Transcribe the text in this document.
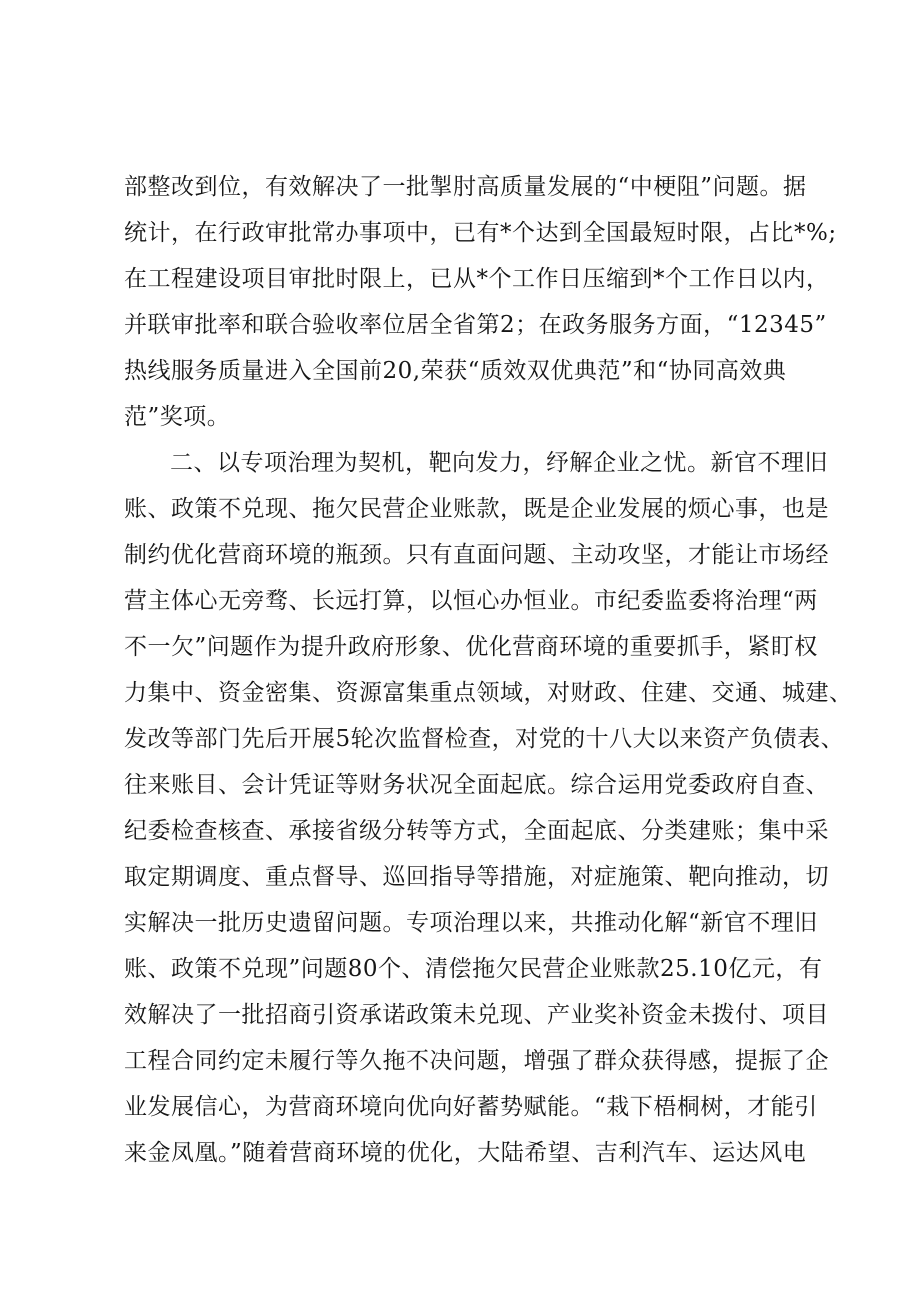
部整改到位，有效解决了一批掣肘高质量发展的“中梗阻”问题。据
统计，在行政审批常办事项中，已有*个达到全国最短时限，占比*%;
在工程建设项目审批时限上，已从*个工作日压缩到*个工作日以内，
并联审批率和联合验收率位居全省第2；在政务服务方面，“12345”
热线服务质量进入全国前20,荣获“质效双优典范”和“协同高效典
范”奖项。
二、以专项治理为契机，靶向发力，纾解企业之忧。新官不理旧
账、政策不兑现、拖欠民营企业账款，既是企业发展的烦心事，也是
制约优化营商环境的瓶颈。只有直面问题、主动攻坚，才能让市场经
营主体心无旁骛、长远打算，以恒心办恒业。市纪委监委将治理“两
不一欠”问题作为提升政府形象、优化营商环境的重要抓手，紧盯权
力集中、资金密集、资源富集重点领域，对财政、住建、交通、城建、
发改等部门先后开展5轮次监督检查，对党的十八大以来资产负债表、
往来账目、会计凭证等财务状况全面起底。综合运用党委政府自查、
纪委检查核查、承接省级分转等方式，全面起底、分类建账；集中采
取定期调度、重点督导、巡回指导等措施，对症施策、靶向推动，切
实解决一批历史遗留问题。专项治理以来，共推动化解“新官不理旧
账、政策不兑现”问题80个、清偿拖欠民营企业账款25.10亿元，有
效解决了一批招商引资承诺政策未兑现、产业奖补资金未拨付、项目
工程合同约定未履行等久拖不决问题，增强了群众获得感，提振了企
业发展信心，为营商环境向优向好蓄势赋能。“栽下梧桐树，才能引
来金凤凰。”随着营商环境的优化，大陆希望、吉利汽车、运达风电
